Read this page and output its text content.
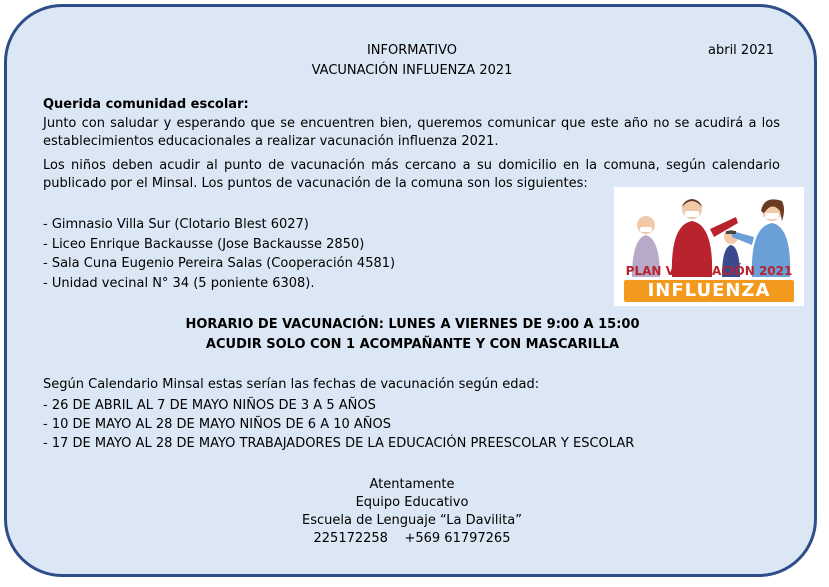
INFORMATIVO
VACUNACIÓN INFLUENZA 2021
abril 2021
Querida comunidad escolar:
Junto con saludar y esperando que se encuentren bien, queremos comunicar que este año no se acudirá a los establecimientos educacionales a realizar vacunación influenza 2021.
Los niños deben acudir al punto de vacunación más cercano a su domicilio en la comuna, según calendario publicado por el Minsal. Los puntos de vacunación de la comuna son los siguientes:
- Gimnasio Villa Sur (Clotario Blest 6027)
- Liceo Enrique Backausse (Jose Backausse 2850)
- Sala Cuna Eugenio Pereira Salas (Cooperación 4581)
- Unidad vecinal N° 34 (5 poniente 6308).
PLAN VACUNACIÓN 2021
INFLUENZA
HORARIO DE VACUNACIÓN: LUNES A VIERNES DE 9:00 A 15:00
ACUDIR SOLO CON 1 ACOMPAÑANTE Y CON MASCARILLA
Según Calendario Minsal estas serían las fechas de vacunación según edad:
- 26 DE ABRIL AL 7 DE MAYO NIÑOS DE 3 A 5 AÑOS
- 10 DE MAYO AL 28 DE MAYO NIÑOS DE 6 A 10 AÑOS
- 17 DE MAYO AL 28 DE MAYO TRABAJADORES DE LA EDUCACIÓN PREESCOLAR Y ESCOLAR
Atentamente
Equipo Educativo
Escuela de Lenguaje “La Davilita”
225172258    +569 61797265
